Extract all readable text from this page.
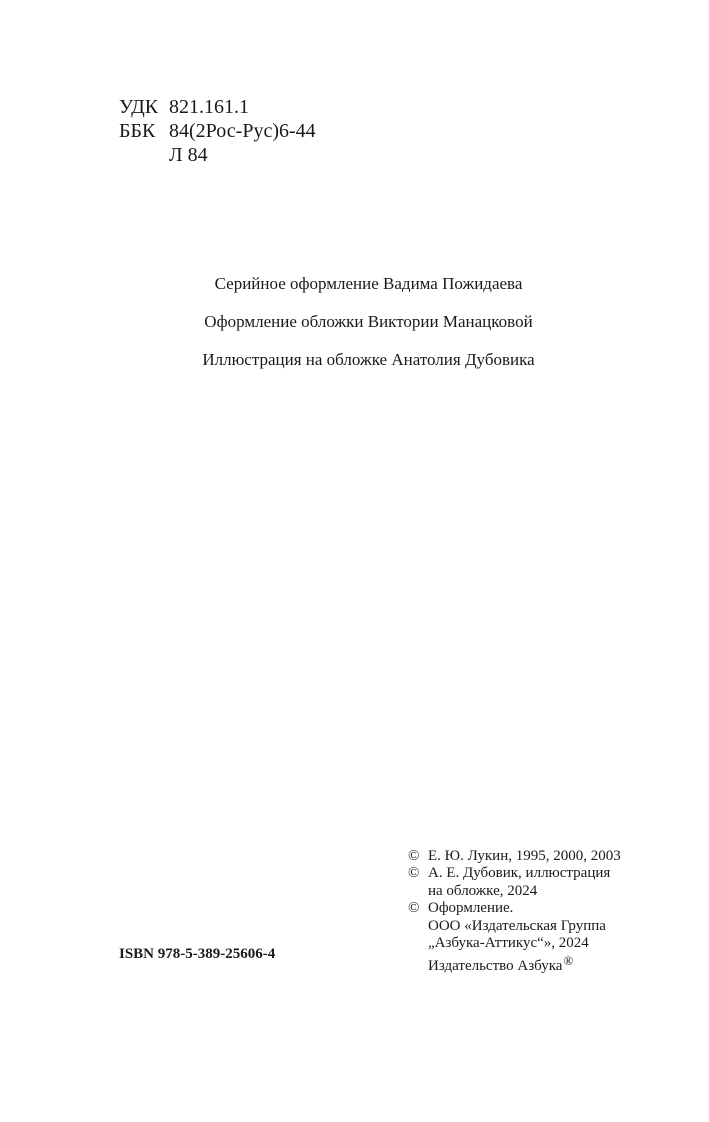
УДК 821.161.1
ББК 84(2Рос-Рус)6-44
Л 84
Серийное оформление Вадима Пожидаева
Оформление обложки Виктории Манацковой
Иллюстрация на обложке Анатолия Дубовика
© Е. Ю. Лукин, 1995, 2000, 2003
© А. Е. Дубовик, иллюстрация
на обложке, 2024
© Оформление.
ООО «Издательская Группа
„Азбука-Аттикус“», 2024
Издательство Азбука®
ISBN 978-5-389-25606-4
